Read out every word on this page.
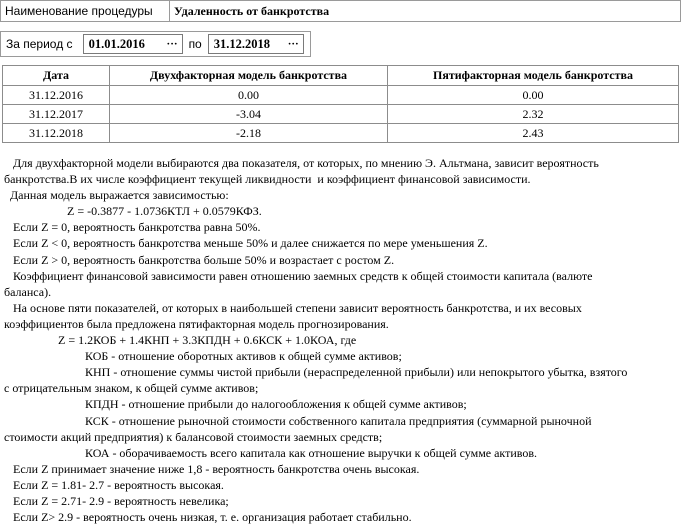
Наименование процедуры	Удаленность от банкротства
За период с 01.01.2016 ··· по 31.12.2018 ···
Дата	Двухфакторная модель банкротства	Пятифакторная модель банкротства
31.12.2016	0.00	0.00
31.12.2017	-3.04	2.32
31.12.2018	-2.18	2.43
Для двухфакторной модели выбираются два показателя, от которых, по мнению Э. Альтмана, зависит вероятность
банкротства.В их числе коэффициент текущей ликвидности  и коэффициент финансовой зависимости.
Данная модель выражается зависимостью:
Z = -0.3877 - 1.0736КТЛ + 0.0579КФЗ.
Если Z = 0, вероятность банкротства равна 50%.
Если Z < 0, вероятность банкротства меньше 50% и далее снижается по мере уменьшения Z.
Если Z > 0, вероятность банкротства больше 50% и возрастает с ростом Z.
Коэффициент финансовой зависимости равен отношению заемных средств к общей стоимости капитала (валюте
баланса).
На основе пяти показателей, от которых в наибольшей степени зависит вероятность банкротства, и их весовых
коэффициентов была предложена пятифакторная модель прогнозирования.
Z = 1.2КОБ + 1.4КНП + 3.3КПДН + 0.6КСК + 1.0КОА, где
КОБ - отношение оборотных активов к общей сумме активов;
КНП - отношение суммы чистой прибыли (нераспределенной прибыли) или непокрытого убытка, взятого
с отрицательным знаком, к общей сумме активов;
КПДН - отношение прибыли до налогообложения к общей сумме активов;
КСК - отношение рыночной стоимости собственного капитала предприятия (суммарной рыночной
стоимости акций предприятия) к балансовой стоимости заемных средств;
КОА - оборачиваемость всего капитала как отношение выручки к общей сумме активов.
Если Z принимает значение ниже 1,8 - вероятность банкротства очень высокая.
Если Z = 1.81- 2.7 - вероятность высокая.
Если Z = 2.71- 2.9 - вероятность невелика;
Если Z> 2.9 - вероятность очень низкая, т. е. организация работает стабильно.
